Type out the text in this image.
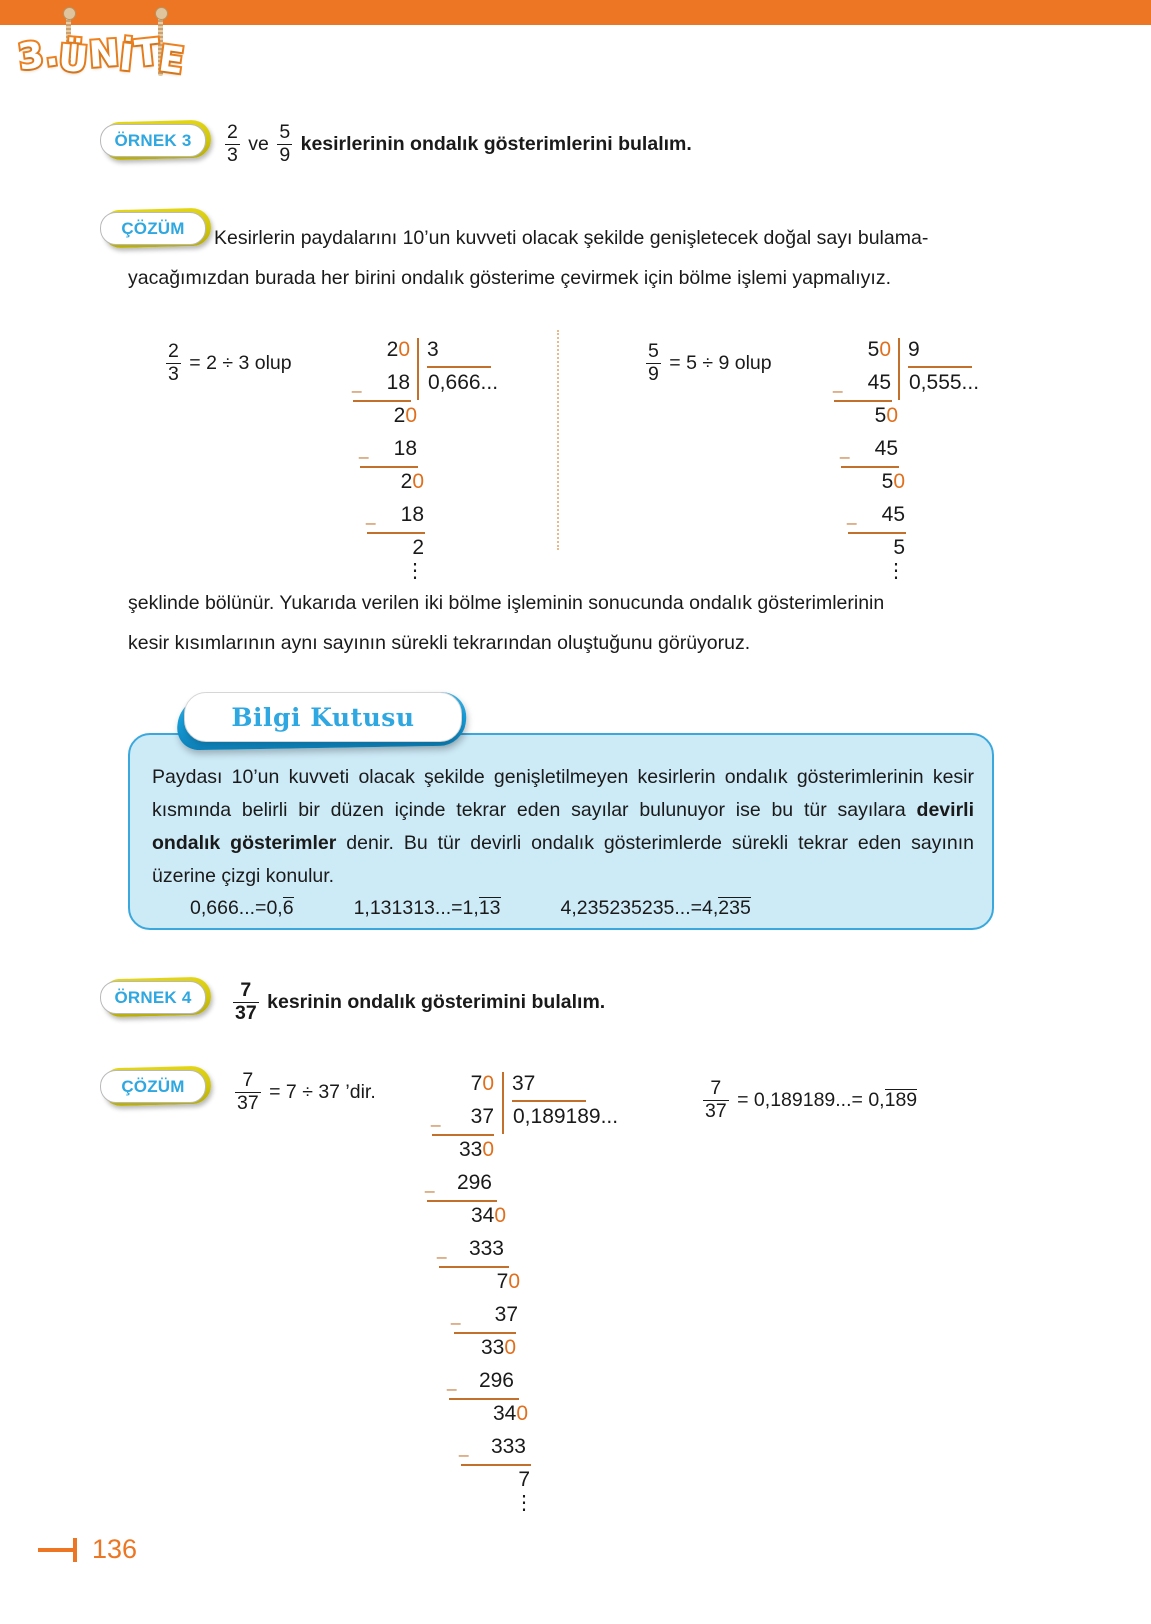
3.ÜNİTE
ÖRNEK $3 \frac{2}{3}$ ve $\frac{5}{9}$ kesirlerinin ondalık gösterimlerini bulalım.
ÇÖZÜM Kesirlerin paydalarını 10’un kuvveti olacak şekilde genişletecek doğal sayı bulama-
yacağımızdan burada her birini ondalık gösterime çevirmek için bölme işlemi yapmalıyız.
$\frac{2}{3} = 2 \div 3$ olup
20 3
0,666...
_	18
20
_	18
20
_	18
2
⋮
$\frac{5}{9} = 5 \div 9$ olup
50 9
0,555...
_	45
50
_	45
50
_	45
5
⋮
şeklinde bölünür. Yukarıda verilen iki bölme işleminin sonucunda ondalık gösterimlerinin
kesir kısımlarının aynı sayının sürekli tekrarından oluştuğunu görüyoruz.
Paydası 10’un kuvveti olacak şekilde genişletilmeyen kesirlerin ondalık gösterimlerinin kesir kısmında belirli bir düzen içinde tekrar eden sayılar bulunuyor ise bu tür sayılara devirli ondalık gösterimler denir. Bu tür devirli ondalık gösterimlerde sürekli tekrar eden sayının üzerine çizgi konulur.
0,666...=0,6	1,131313...=1,13	4,235235235...=4,235
Bilgi Kutusu
ÖRNEK $4 \frac{7}{37}$ kesrinin ondalık gösterimini bulalım.
ÇÖZÜM	$\frac{7}{37} = 7 \div 37$ ’dir.	70 37
0,189189...
_	37
330
_	296
340
_	333
70
_	37
330
_	296
340
_	333
7
⋮
$\frac{7}{37} = 0,189189...= 0,189$
136
